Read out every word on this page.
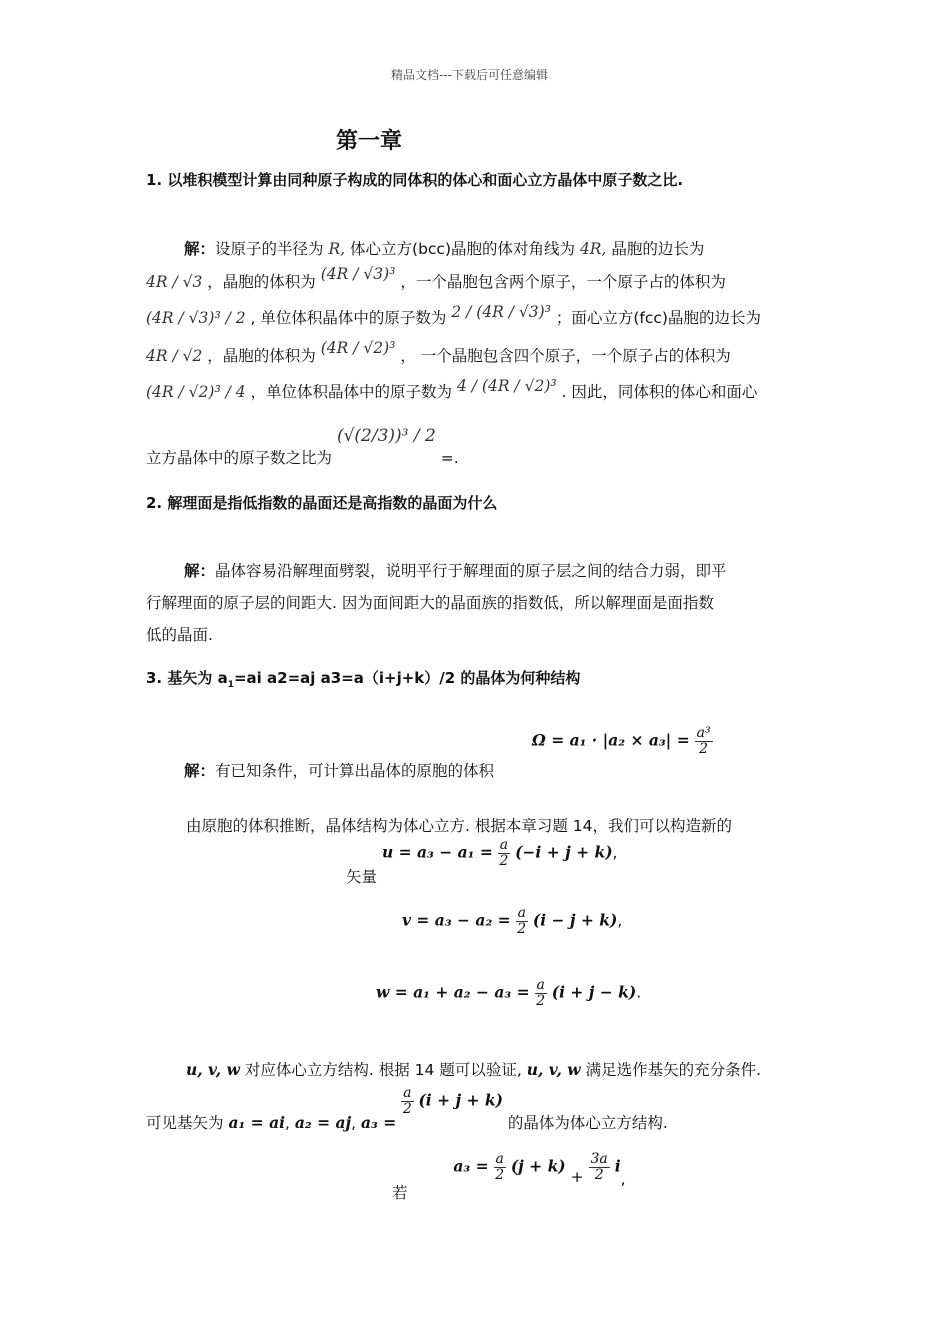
精品文档---下载后可任意编辑
第一章
1. 以堆积模型计算由同种原子构成的同体积的体心和面心立方晶体中原子数之比.
解：设原子的半径为 R, 体心立方(bcc)晶胞的体对角线为 4R, 晶胞的边长为
4R / √3 ，晶胞的体积为 (4R / √3)³ ，一个晶胞包含两个原子，一个原子占的体积为
(4R / √3)³ / 2 , 单位体积晶体中的原子数为 2 / (4R / √3)³ ；面心立方(fcc)晶胞的边长为
4R / √2 ，晶胞的体积为 (4R / √2)³ ， 一个晶胞包含四个原子，一个原子占的体积为
(4R / √2)³ / 4 ，单位体积晶体中的原子数为 4 / (4R / √2)³ . 因此，同体积的体心和面心
立方晶体中的原子数之比为 (√(2/3))³ / 2 =.
2. 解理面是指低指数的晶面还是高指数的晶面为什么
解：晶体容易沿解理面劈裂，说明平行于解理面的原子层之间的结合力弱，即平
行解理面的原子层的间距大. 因为面间距大的晶面族的指数低，所以解理面是面指数
低的晶面.
3. 基矢为 $a_1=ai$ a2=aj a3=a（i+j+k）/2 的晶体为何种结构
解：有已知条件，可计算出晶体的原胞的体积
$\Omega = a_1 \cdot |a_2 \times a_3| = \frac{\text{a³}}{2}$
由原胞的体积推断，晶体结构为体心立方. 根据本章习题 14，我们可以构造新的
矢量 $u = a_3 - a_1 = \frac{a}{2} (-i + j + k)$,
$v = a_3 - a_2 = \frac{a}{2} (i - j + k)$,
$w = a_1 + a_2 - a_3 = \frac{a}{2} (i + j - k)$.
u, v, w 对应体心立方结构. 根据 14 题可以验证, u, v, w 满足选作基矢的充分条件.
可见基矢为 a₁ = ai, a₂ = aj, a₃ =
$\frac{a}{2} (i + j + k)$ 的晶体为体心立方结构.
若  $a_3 = \frac{a}{2} (j + k) + \frac{3a}{2} i$,
